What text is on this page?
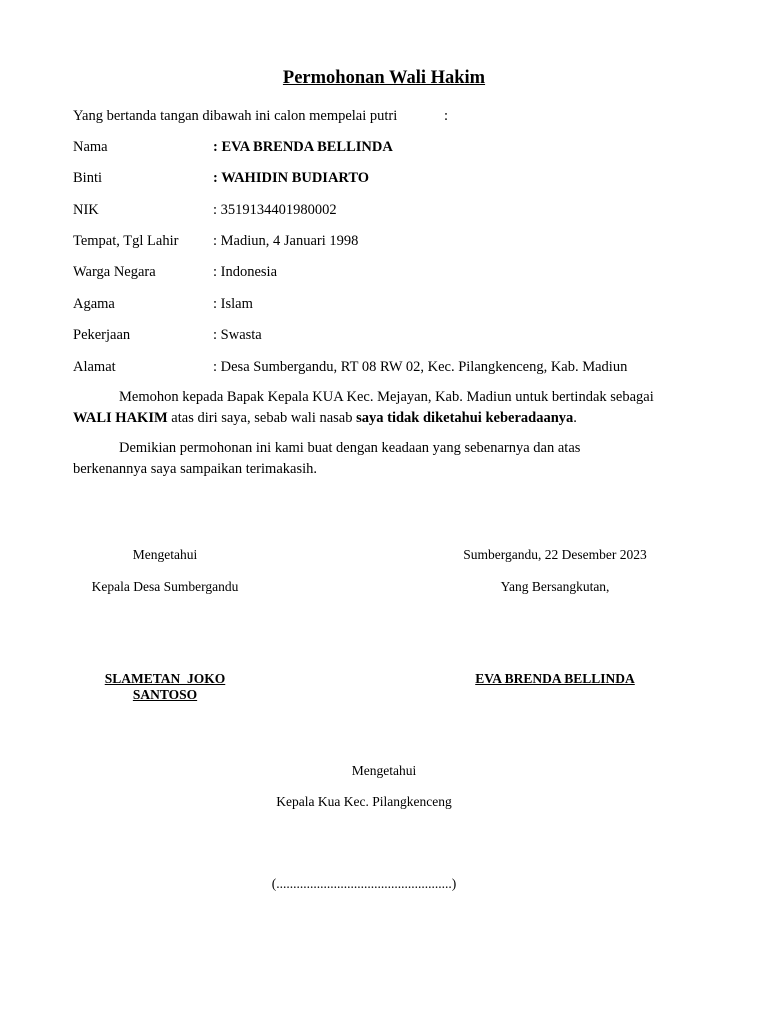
Permohonan Wali Hakim
Yang bertanda tangan dibawah ini calon mempelai putri	:
Nama	: EVA BRENDA BELLINDA
Binti	: WAHIDIN BUDIARTO
NIK	: 3519134401980002
Tempat, Tgl Lahir : Madiun, 4 Januari 1998
Warga Negara	: Indonesia
Agama	: Islam
Pekerjaan	: Swasta
Alamat	: Desa Sumbergandu, RT 08 RW 02, Kec. Pilangkenceng, Kab. Madiun
Memohon kepada Bapak Kepala KUA Kec. Mejayan, Kab. Madiun untuk bertindak sebagai
WALI HAKIM atas diri saya, sebab wali nasab saya tidak diketahui keberadaanya.
Demikian permohonan ini kami buat dengan keadaan yang sebenarnya dan atas berkenannya saya sampaikan terimakasih.
Mengetahui
Kepala Desa Sumbergandu
SLAMETAN  JOKO
SANTOSO
Sumbergandu, 22 Desember 2023
Yang Bersangkutan,
EVA BRENDA BELLINDA
Mengetahui
Kepala Kua Kec. Pilangkenceng
(....................................................)
